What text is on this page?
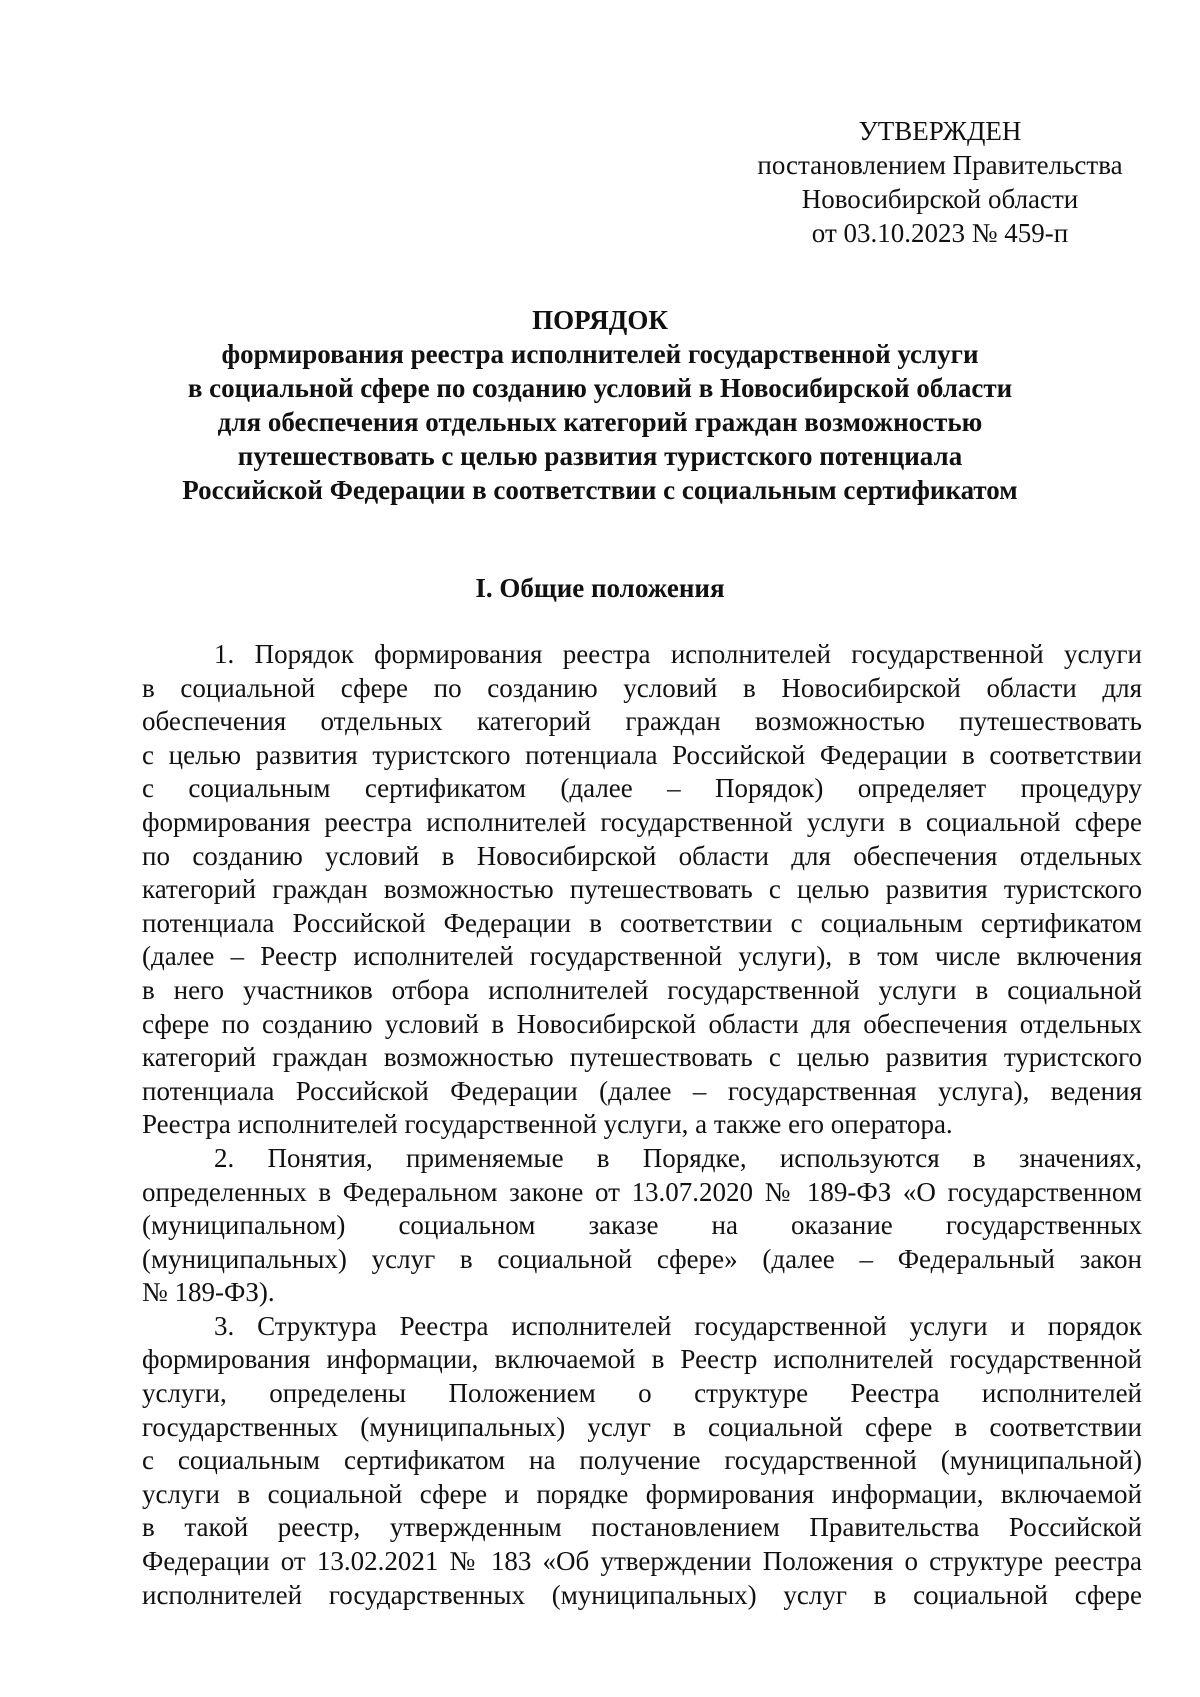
УТВЕРЖДЕН
постановлением Правительства
Новосибирской области
от 03.10.2023 № 459-п
ПОРЯДОК
формирования реестра исполнителей государственной услуги
в социальной сфере по созданию условий в Новосибирской области
для обеспечения отдельных категорий граждан возможностью
путешествовать с целью развития туристского потенциала
Российской Федерации в соответствии с социальным сертификатом
I. Общие положения
1. Порядок формирования реестра исполнителей государственной услуги
в социальной сфере по созданию условий в Новосибирской области для
обеспечения отдельных категорий граждан возможностью путешествовать
с целью развития туристского потенциала Российской Федерации в соответствии
с социальным сертификатом (далее – Порядок) определяет процедуру
формирования реестра исполнителей государственной услуги в социальной сфере
по созданию условий в Новосибирской области для обеспечения отдельных
категорий граждан возможностью путешествовать с целью развития туристского
потенциала Российской Федерации в соответствии с социальным сертификатом
(далее – Реестр исполнителей государственной услуги), в том числе включения
в него участников отбора исполнителей государственной услуги в социальной
сфере по созданию условий в Новосибирской области для обеспечения отдельных
категорий граждан возможностью путешествовать с целью развития туристского
потенциала Российской Федерации (далее – государственная услуга), ведения
Реестра исполнителей государственной услуги, а также его оператора.
2. Понятия, применяемые в Порядке, используются в значениях,
определенных в Федеральном законе от 13.07.2020 № 189-ФЗ «О государственном
(муниципальном) социальном заказе на оказание государственных
(муниципальных) услуг в социальной сфере» (далее – Федеральный закон
№ 189-ФЗ).
3. Структура Реестра исполнителей государственной услуги и порядок
формирования информации, включаемой в Реестр исполнителей государственной
услуги, определены Положением о структуре Реестра исполнителей
государственных (муниципальных) услуг в социальной сфере в соответствии
с социальным сертификатом на получение государственной (муниципальной)
услуги в социальной сфере и порядке формирования информации, включаемой
в такой реестр, утвержденным постановлением Правительства Российской
Федерации от 13.02.2021 № 183 «Об утверждении Положения о структуре реестра
исполнителей государственных (муниципальных) услуг в социальной сфере
